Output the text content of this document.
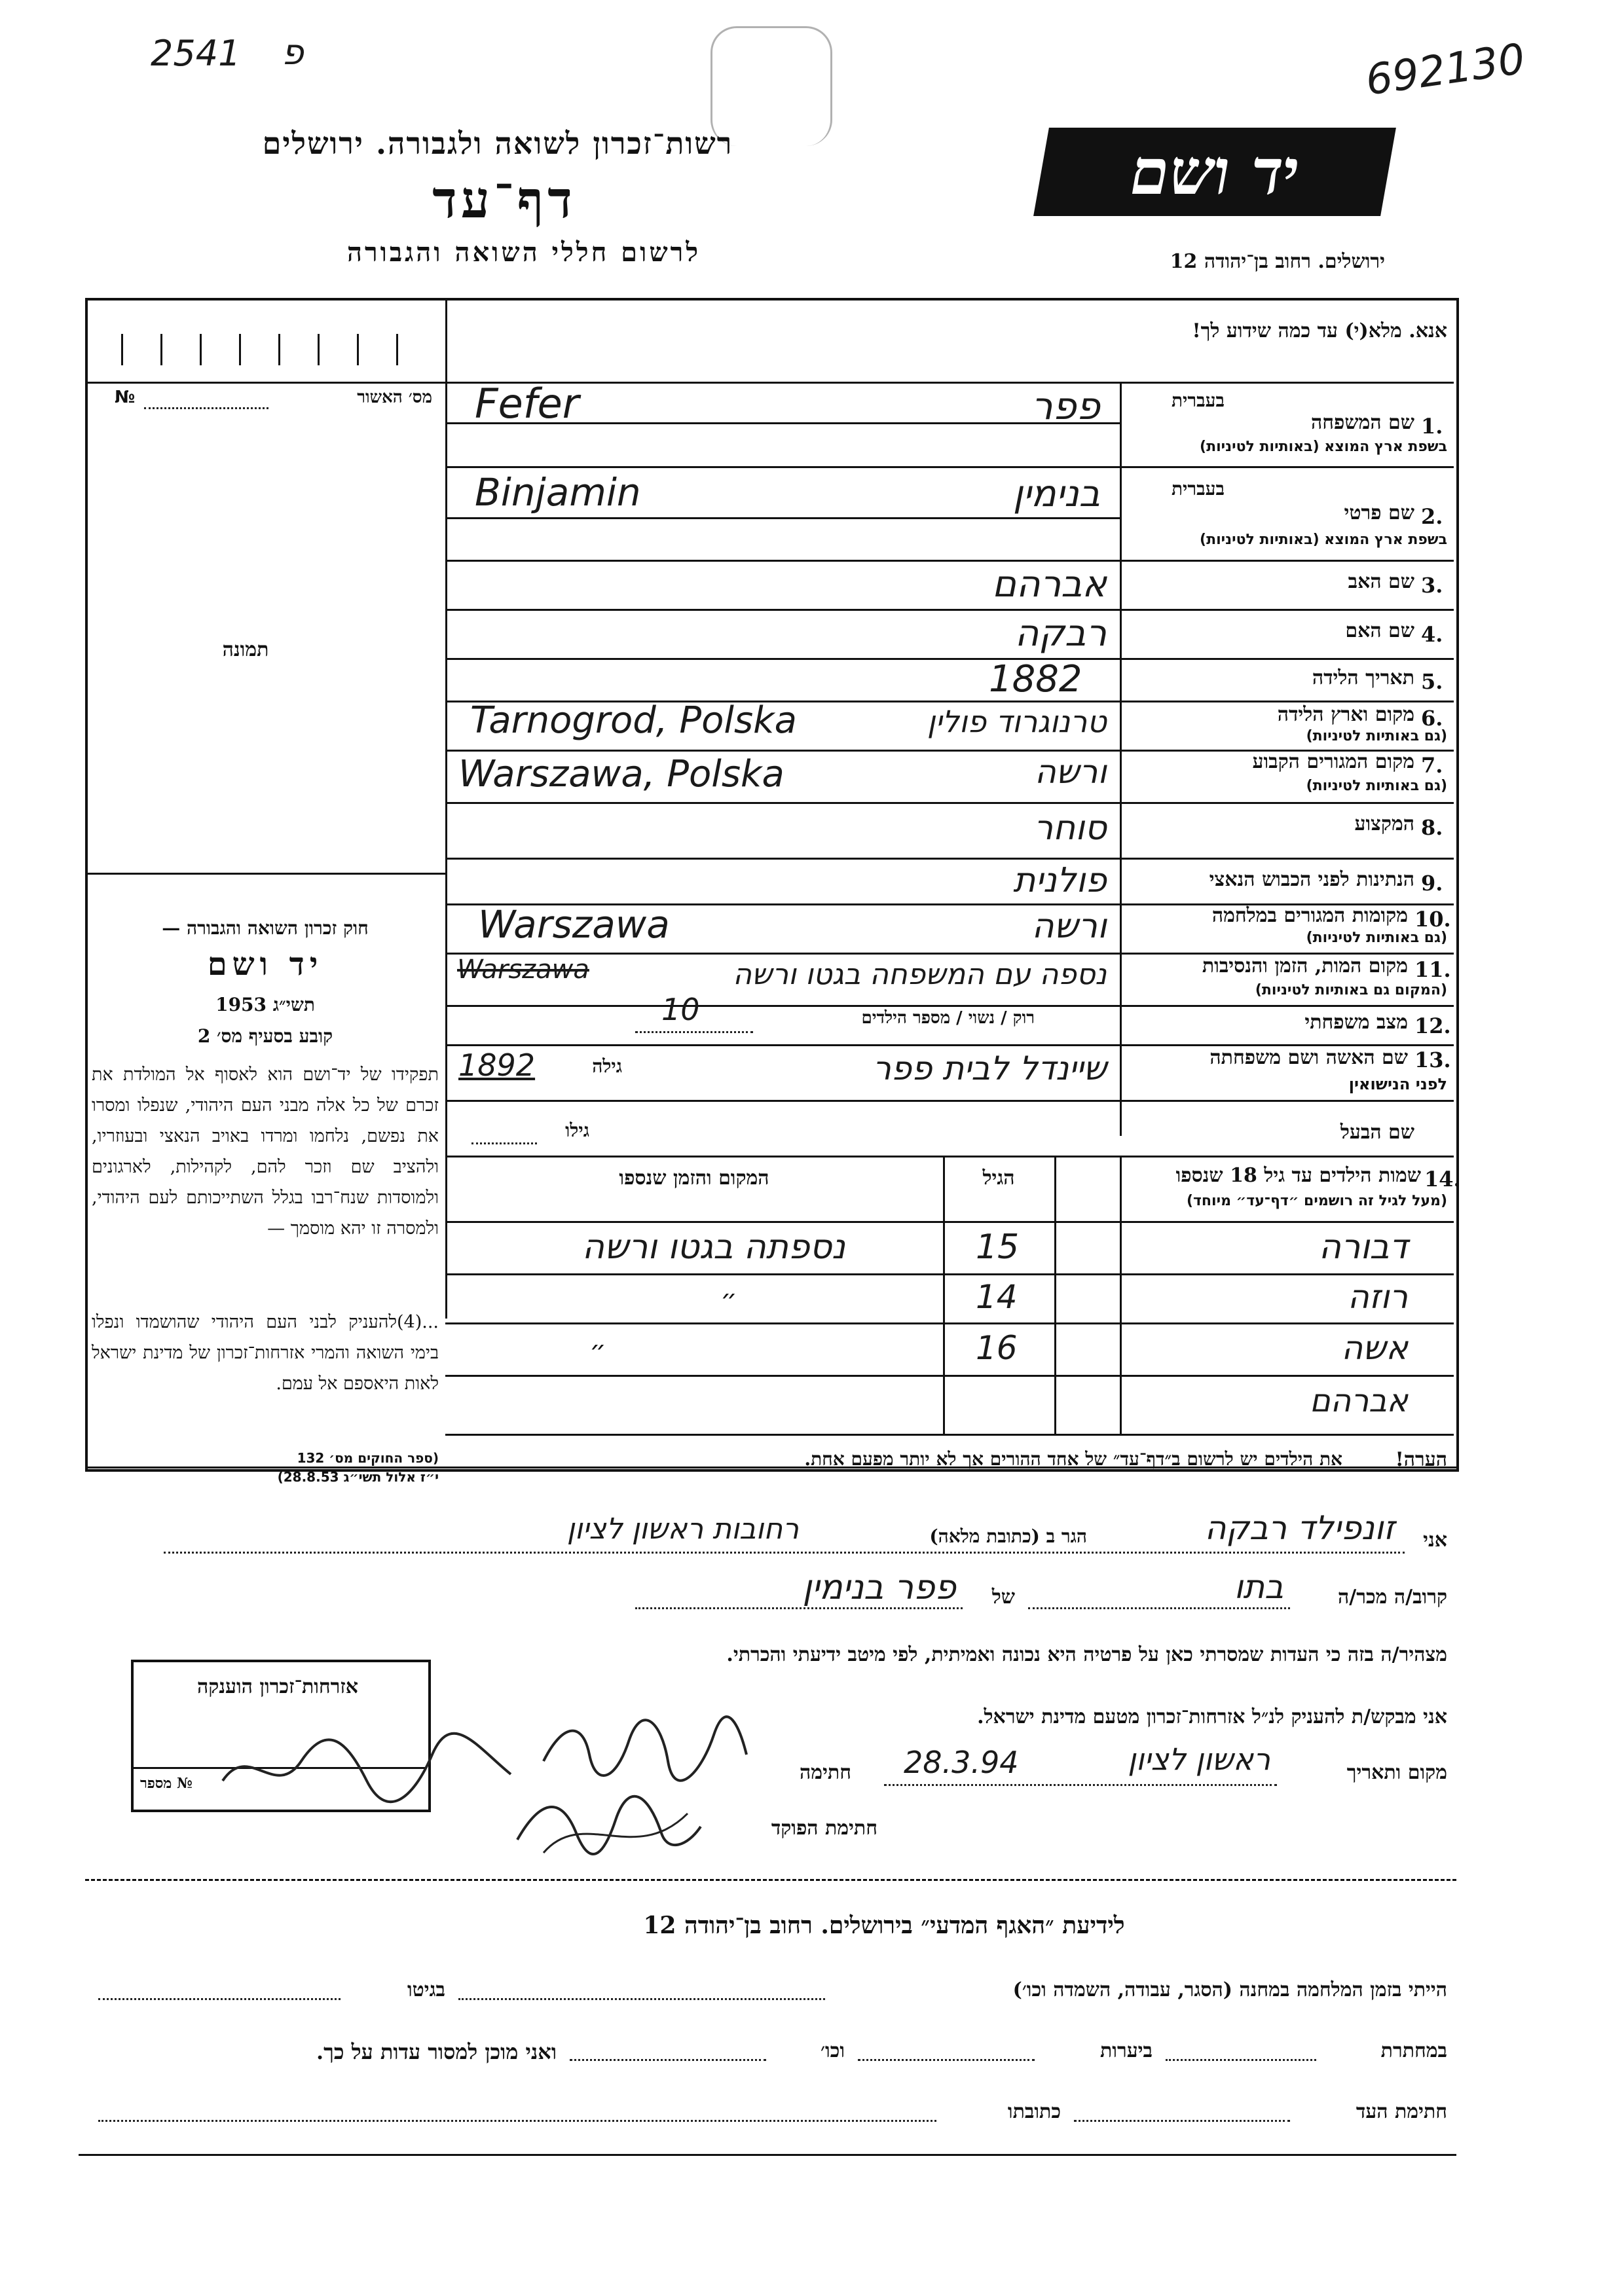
2541 פ	692130
רשות־זכרון לשואה ולגבורה. ירושלים
דף־עד
לרשום חללי השואה והגבורה
יד ושם
ירושלים. רחוב בן־יהודה 12
אנא. מלא(י) עד כמה שידוע לך!
מס׳ האשור
№
תמונה
חוק זכרון השואה והגבורה —
יד ושם
תשי״ג 1953
קובע בסעיף מס׳ 2
תפקידו של יד־ושם הוא לאסוף אל המולדת את זכרם של כל אלה מבני העם היהודי, שנפלו ומסרו את נפשם, נלחמו ומרדו באויב הנאצי ובעוזריו, ולהציב שם וזכר להם, לקהילות, לארגונים ולמוסדות שנח־רבו בגלל השתייכותם לעם היהודי, ולמסרה זו יהא מוסמך —
...(4)להעניק לבני העם היהודי שהושמדו ונפלו בימי השואה והמרי אזרחות־זכרון של מדינת ישראל לאות היאספם אל עמם.
(ספר החוקים מס׳ 132
י״ז אלול תשי״ג 28.8.53)
בעברית
1.
שם המשפחה
בשפת ארץ המוצא (באותיות לטיניות)
פפר
Fefer
בעברית
2.
שם פרטי
בשפת ארץ המוצא (באותיות לטיניות)
בנימין
Binjamin
3.
שם האב
אברהם
4.
שם האם
רבקה
5.
תאריך הלידה
1882
6.
מקום וארץ הלידה
(גם באותיות לטיניות)
טרנוגרוד פולין
Tarnogrod, Polska
7.
מקום המגורים הקבוע
(גם באותיות לטיניות)
ורשה
Warszawa, Polska
8.
המקצוע
סוחר
9.
הנתינות לפני הכבוש הנאצי
פולנית
10.
מקומות המגורים במלחמה
(גם באותיות לטיניות)
ורשה
Warszawa
11.
מקום המות, הזמן והנסיבות
(המקום גם באותיות לטיניות)
נספה עם המשפחה בגטו ורשה
Warszawa
12.
מצב משפחתי
רוק / נשוי / מספר הילדים
10
13.
שם האשה ושם משפחתה
לפני הנישואין
שיינדל לבית פפר
גילה
1892
שם הבעל
גילו
14.
שמות הילדים עד גיל 18 שנספו
(מעל לגיל זה רושמים ״דף־עד״ מיוחד)
הגיל
המקום והזמן שנספו
דבורה
15
נספתה בגטו ורשה
רוזה
14
״
אשה
16
״
אברהם
הערה!
את הילדים יש לרשום ב״דף־עד״ של אחד ההורים אך לא יותר מפעם אחת.
אני
זונפילד רבקה
הגר ב (כתובת מלאה)
רחובות ראשון לציון
קרוב/ה מכר/ה
בתו
של
פפר בנימין
מצהיר/ה בזה כי העדות שמסרתי כאן על פרטיה היא נכונה ואמיתית, לפי מיטב ידיעתי והכרתי.
אני מבקש/ת להעניק לנ״ל אזרחות־זכרון מטעם מדינת ישראל.
מקום ותאריך
ראשון לציון
28.3.94
חתימה
חתימת הפוקד
אזרחות־זכרון הוענקה
№ מספר
לידיעת ״האגף המדעי״ בירושלים. רחוב בן־יהודה 12
הייתי בזמן המלחמה במחנה (הסגר, עבודה, השמדה וכו׳)
בגיטו
במחתרת
ביערות
וכו׳
ואני מוכן למסור עדות על כך.
חתימת העד
כתובתו
